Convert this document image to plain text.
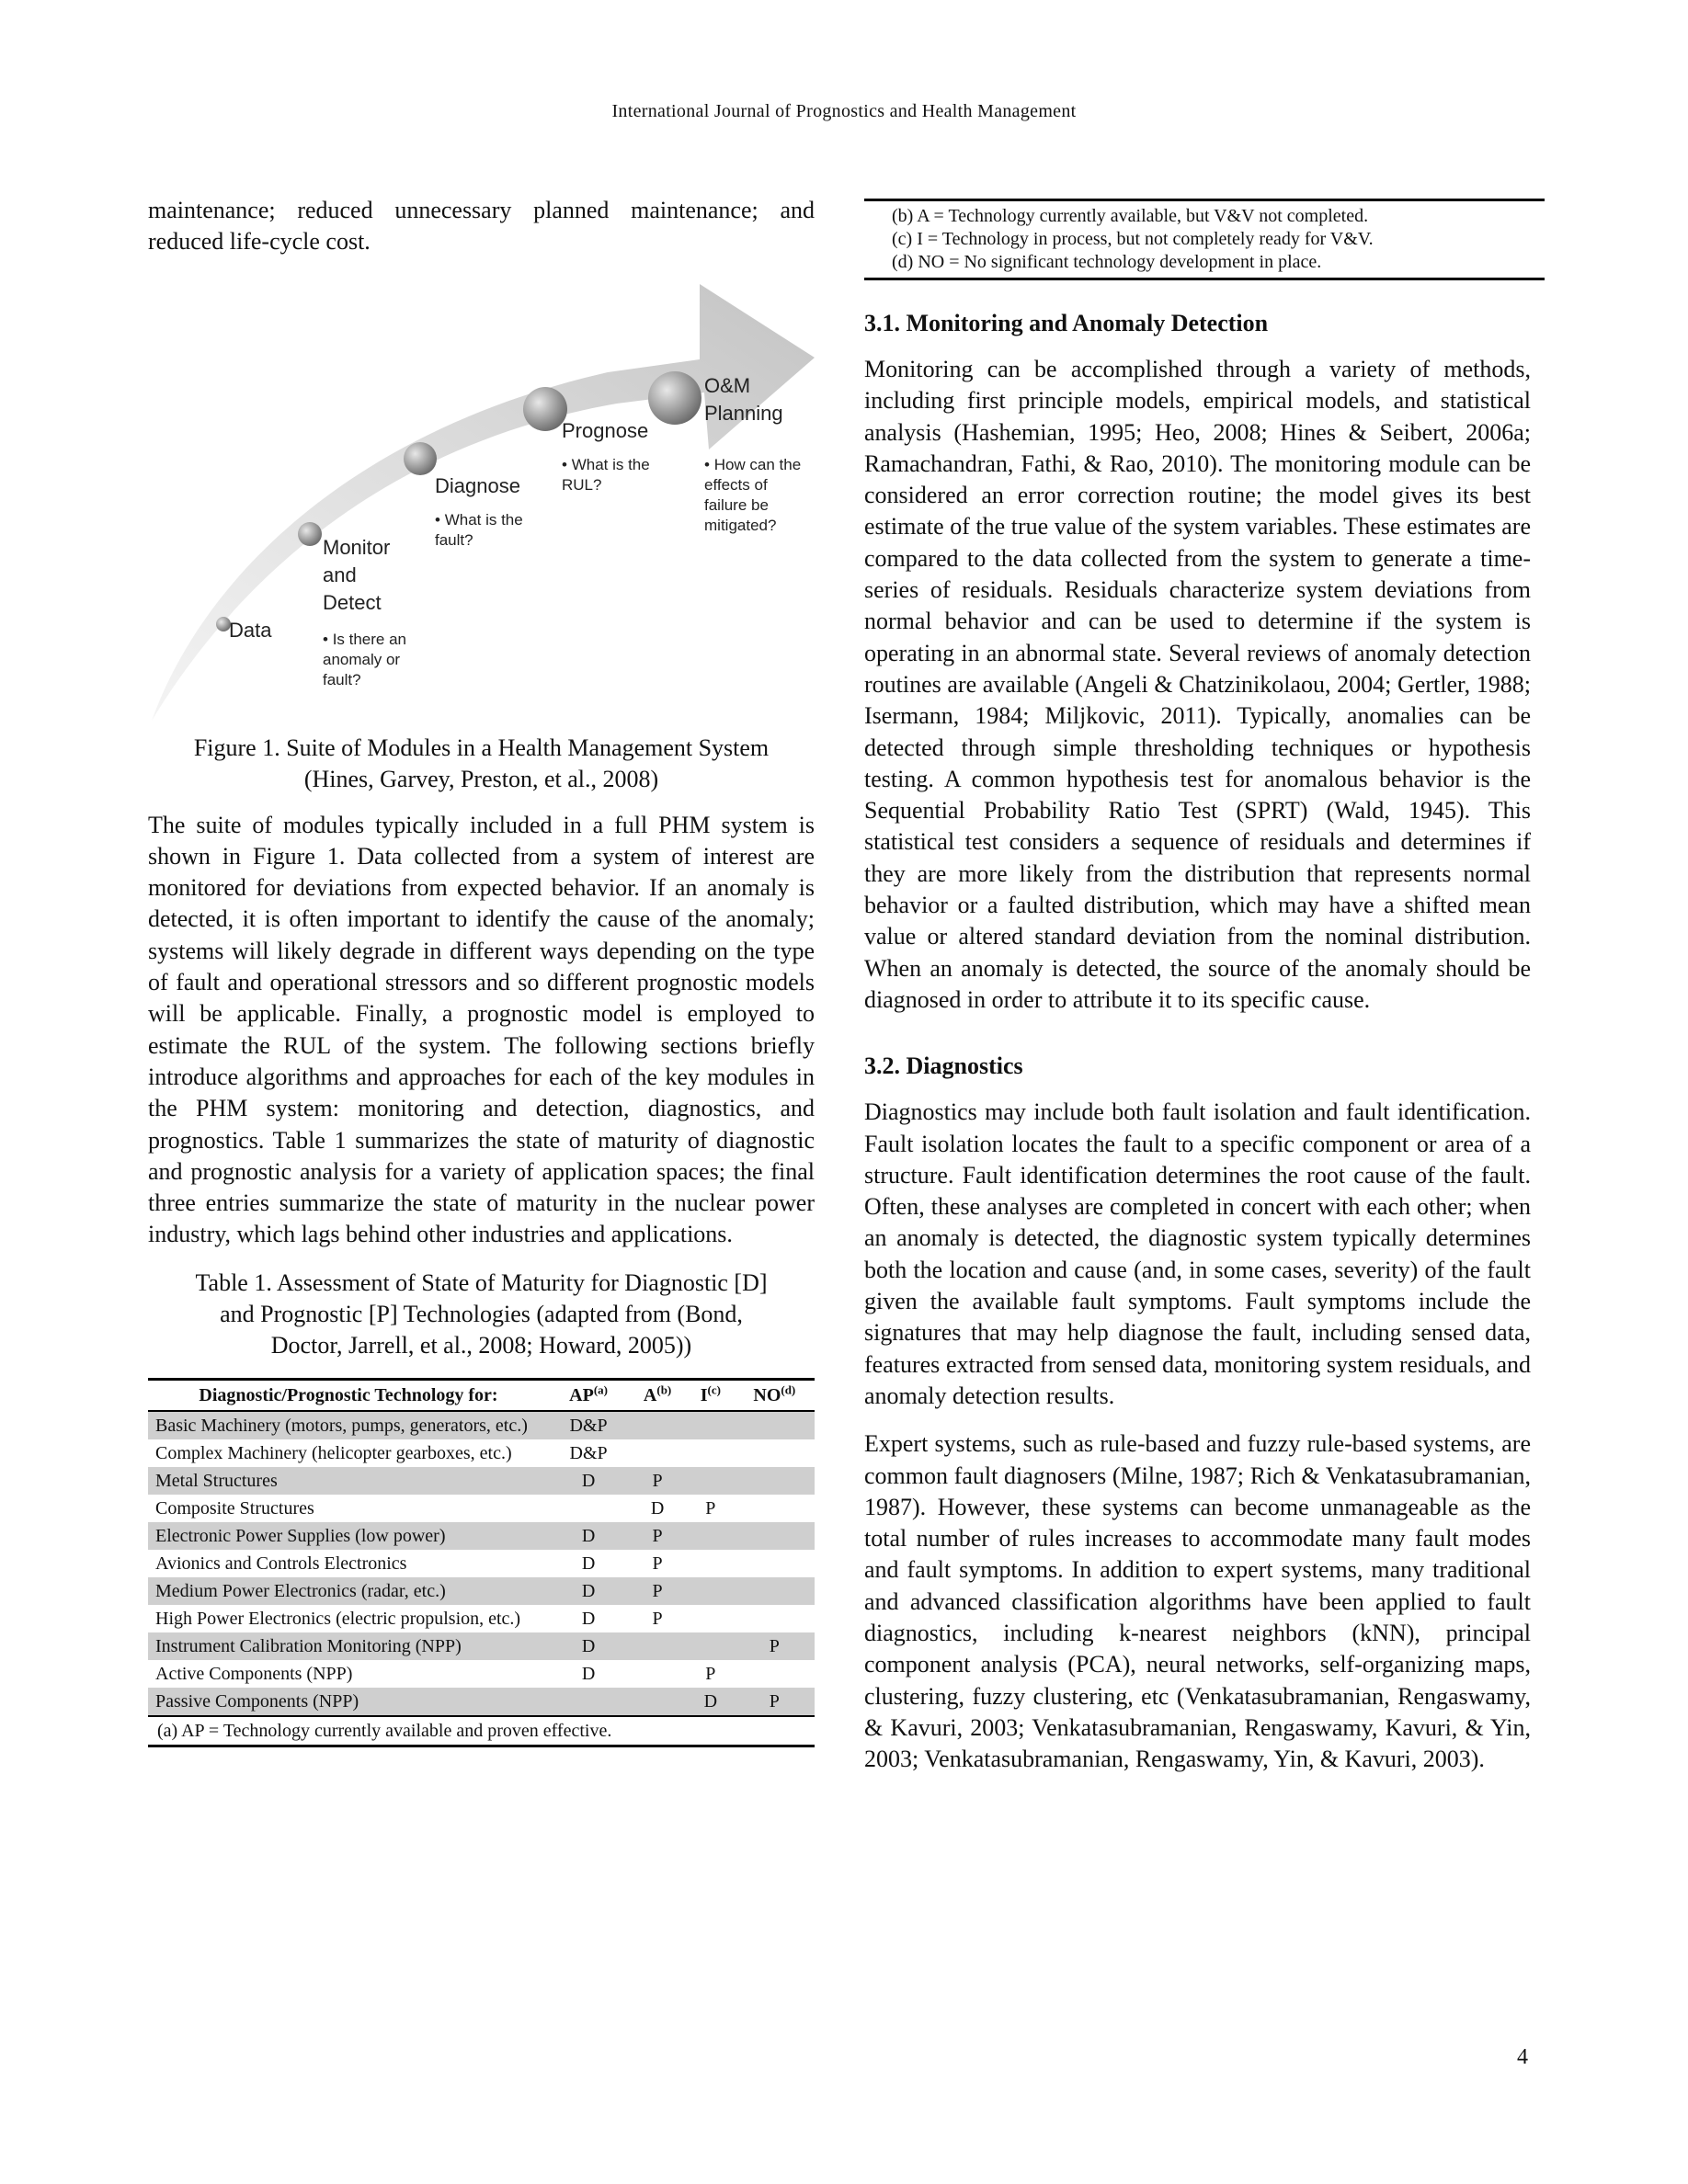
International Journal of Prognostics and Health Management

maintenance; reduced unnecessary planned maintenance; and reduced life-cycle cost.

Data
Monitor and Detect
• Is there an anomaly or fault?
Diagnose
• What is the fault?
Prognose
• What is the RUL?
O&M Planning
• How can the effects of failure be mitigated?

Figure 1. Suite of Modules in a Health Management System

(Hines, Garvey, Preston, et al., 2008)

The suite of modules typically included in a full PHM system is shown in Figure 1. Data collected from a system of interest are monitored for deviations from expected behavior. If an anomaly is detected, it is often important to identify the cause of the anomaly; systems will likely degrade in different ways depending on the type of fault and operational stressors and so different prognostic models will be applicable. Finally, a prognostic model is employed to estimate the RUL of the system. The following sections briefly introduce algorithms and approaches for each of the key modules in the PHM system: monitoring and detection, diagnostics, and prognostics. Table 1 summarizes the state of maturity of diagnostic and prognostic analysis for a variety of application spaces; the final three entries summarize the state of maturity in the nuclear power industry, which lags behind other industries and applications.

Table 1. Assessment of State of Maturity for Diagnostic [D]

and Prognostic [P] Technologies (adapted from (Bond,

Doctor, Jarrell, et al., 2008; Howard, 2005))

Diagnostic/Prognostic Technology for:	AP$^{(a)}$	$A^{(b)}$	$I^{(c)}$	NO$^{(d)}$
Basic Machinery (motors, pumps, generators, etc.)	D&P			
Complex Machinery (helicopter gearboxes, etc.)	D&P			
Metal Structures	D	P		
Composite Structures		D	P	
Electronic Power Supplies (low power)	D	P		
Avionics and Controls Electronics	D	P		
Medium Power Electronics (radar, etc.)	D	P		
High Power Electronics (electric propulsion, etc.)	D	P		
Instrument Calibration Monitoring (NPP)	D			P
Active Components (NPP)	D		P	
Passive Components (NPP)			D	P
(a) AP = Technology currently available and proven effective.				
(b) A = Technology currently available, but V&V not completed.
(c) I = Technology in process, but not completely ready for V&V.
(d) NO = No significant technology development in place.
3.1. Monitoring and Anomaly Detection

Monitoring can be accomplished through a variety of methods, including first principle models, empirical models, and statistical analysis (Hashemian, 1995; Heo, 2008; Hines & Seibert, 2006a; Ramachandran, Fathi, & Rao, 2010). The monitoring module can be considered an error correction routine; the model gives its best estimate of the true value of the system variables. These estimates are compared to the data collected from the system to generate a time-series of residuals. Residuals characterize system deviations from normal behavior and can be used to determine if the system is operating in an abnormal state. Several reviews of anomaly detection routines are available (Angeli & Chatzinikolaou, 2004; Gertler, 1988; Isermann, 1984; Miljkovic, 2011). Typically, anomalies can be detected through simple thresholding techniques or hypothesis testing. A common hypothesis test for anomalous behavior is the Sequential Probability Ratio Test (SPRT) (Wald, 1945). This statistical test considers a sequence of residuals and determines if they are more likely from the distribution that represents normal behavior or a faulted distribution, which may have a shifted mean value or altered standard deviation from the nominal distribution. When an anomaly is detected, the source of the anomaly should be diagnosed in order to attribute it to its specific cause.

3.2. Diagnostics

Diagnostics may include both fault isolation and fault identification. Fault isolation locates the fault to a specific component or area of a structure. Fault identification determines the root cause of the fault. Often, these analyses are completed in concert with each other; when an anomaly is detected, the diagnostic system typically determines both the location and cause (and, in some cases, severity) of the fault given the available fault symptoms. Fault symptoms include the signatures that may help diagnose the fault, including sensed data, features extracted from sensed data, monitoring system residuals, and anomaly detection results.

Expert systems, such as rule-based and fuzzy rule-based systems, are common fault diagnosers (Milne, 1987; Rich & Venkatasubramanian, 1987). However, these systems can become unmanageable as the total number of rules increases to accommodate many fault modes and fault symptoms. In addition to expert systems, many traditional and advanced classification algorithms have been applied to fault diagnostics, including k-nearest neighbors (kNN), principal component analysis (PCA), neural networks, self-organizing maps, clustering, fuzzy clustering, etc (Venkatasubramanian, Rengaswamy, & Kavuri, 2003; Venkatasubramanian, Rengaswamy, Kavuri, & Yin, 2003; Venkatasubramanian, Rengaswamy, Yin, & Kavuri, 2003).

4
